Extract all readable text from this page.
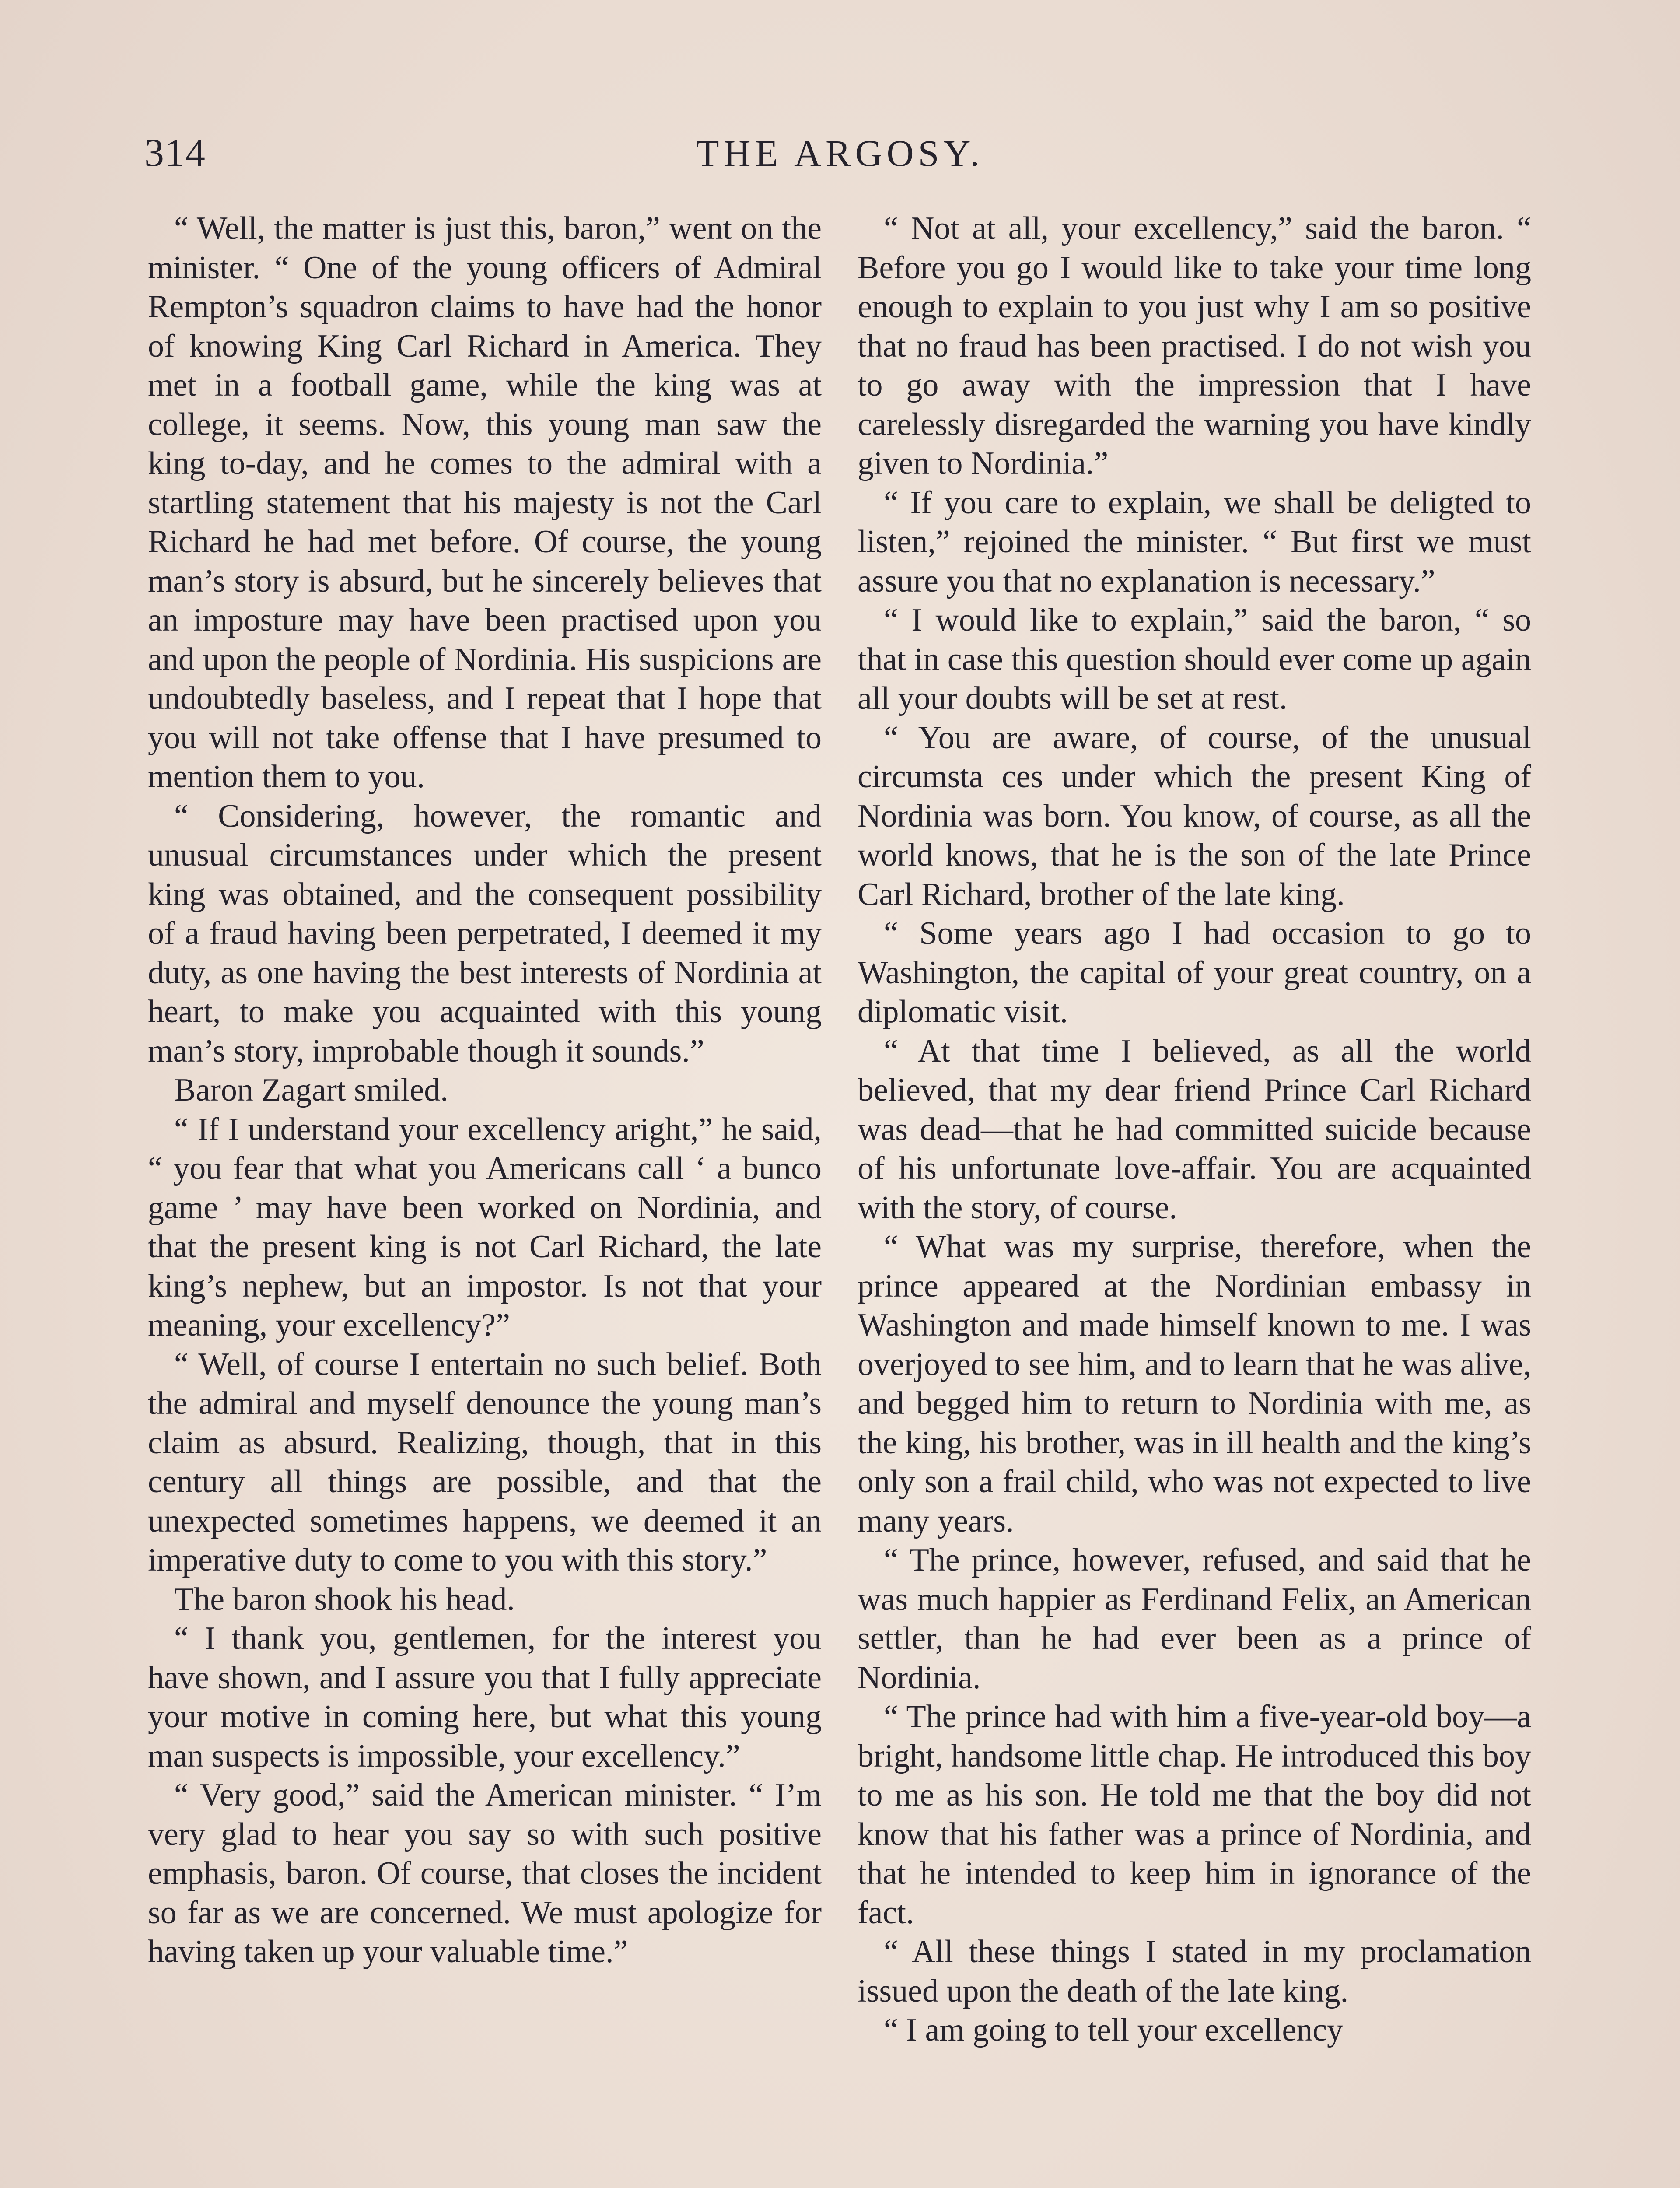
314	THE ARGOSY.

“ Well, the matter is just this, baron,” went on the minister. “ One of the young officers of Admiral Rempton’s squadron claims to have had the honor of knowing King Carl Richard in America. They met in a football game, while the king was at college, it seems. Now, this young man saw the king to-day, and he comes to the admiral with a startling statement that his majesty is not the Carl Richard he had met before. Of course, the young man’s story is absurd, but he sincerely believes that an imposture may have been practised upon you and upon the people of Nordinia. His suspicions are undoubtedly baseless, and I repeat that I hope that you will not take offense that I have presumed to mention them to you.

“ Considering, however, the romantic and unusual circumstances under which the present king was obtained, and the consequent possibility of a fraud having been perpetrated, I deemed it my duty, as one having the best interests of Nordinia at heart, to make you acquainted with this young man’s story, improbable though it sounds.”

Baron Zagart smiled.

“ If I understand your excellency aright,” he said, “ you fear that what you Americans call ‘ a bunco game ’ may have been worked on Nordinia, and that the present king is not Carl Richard, the late king’s nephew, but an impostor. Is not that your meaning, your excellency?”

“ Well, of course I entertain no such belief. Both the admiral and myself denounce the young man’s claim as absurd. Realizing, though, that in this century all things are possible, and that the unexpected sometimes happens, we deemed it an imperative duty to come to you with this story.”

The baron shook his head.

“ I thank you, gentlemen, for the interest you have shown, and I assure you that I fully appreciate your motive in coming here, but what this young man suspects is impossible, your excellency.”

“ Very good,” said the American minister. “ I’m very glad to hear you say so with such positive emphasis, baron. Of course, that closes the incident so far as we are concerned. We must apologize for having taken up your valuable time.”

“ Not at all, your excellency,” said the baron. “ Before you go I would like to take your time long enough to explain to you just why I am so positive that no fraud has been practised. I do not wish you to go away with the impression that I have carelessly disregarded the warning you have kindly given to Nordinia.”

“ If you care to explain, we shall be deligted to listen,” rejoined the minister. “ But first we must assure you that no explanation is necessary.”

“ I would like to explain,” said the baron, “ so that in case this question should ever come up again all your doubts will be set at rest.

“ You are aware, of course, of the unusual circumsta ces under which the present King of Nordinia was born. You know, of course, as all the world knows, that he is the son of the late Prince Carl Richard, brother of the late king.

“ Some years ago I had occasion to go to Washington, the capital of your great country, on a diplomatic visit.

“ At that time I believed, as all the world believed, that my dear friend Prince Carl Richard was dead—that he had committed suicide because of his unfortunate love-affair. You are acquainted with the story, of course.

“ What was my surprise, therefore, when the prince appeared at the Nordinian embassy in Washington and made himself known to me. I was overjoyed to see him, and to learn that he was alive, and begged him to return to Nordinia with me, as the king, his brother, was in ill health and the king’s only son a frail child, who was not expected to live many years.

“ The prince, however, refused, and said that he was much happier as Ferdinand Felix, an American settler, than he had ever been as a prince of Nordinia.

“ The prince had with him a five-year-old boy—a bright, handsome little chap. He introduced this boy to me as his son. He told me that the boy did not know that his father was a prince of Nordinia, and that he intended to keep him in ignorance of the fact.

“ All these things I stated in my proclamation issued upon the death of the late king.

“ I am going to tell your excellency
